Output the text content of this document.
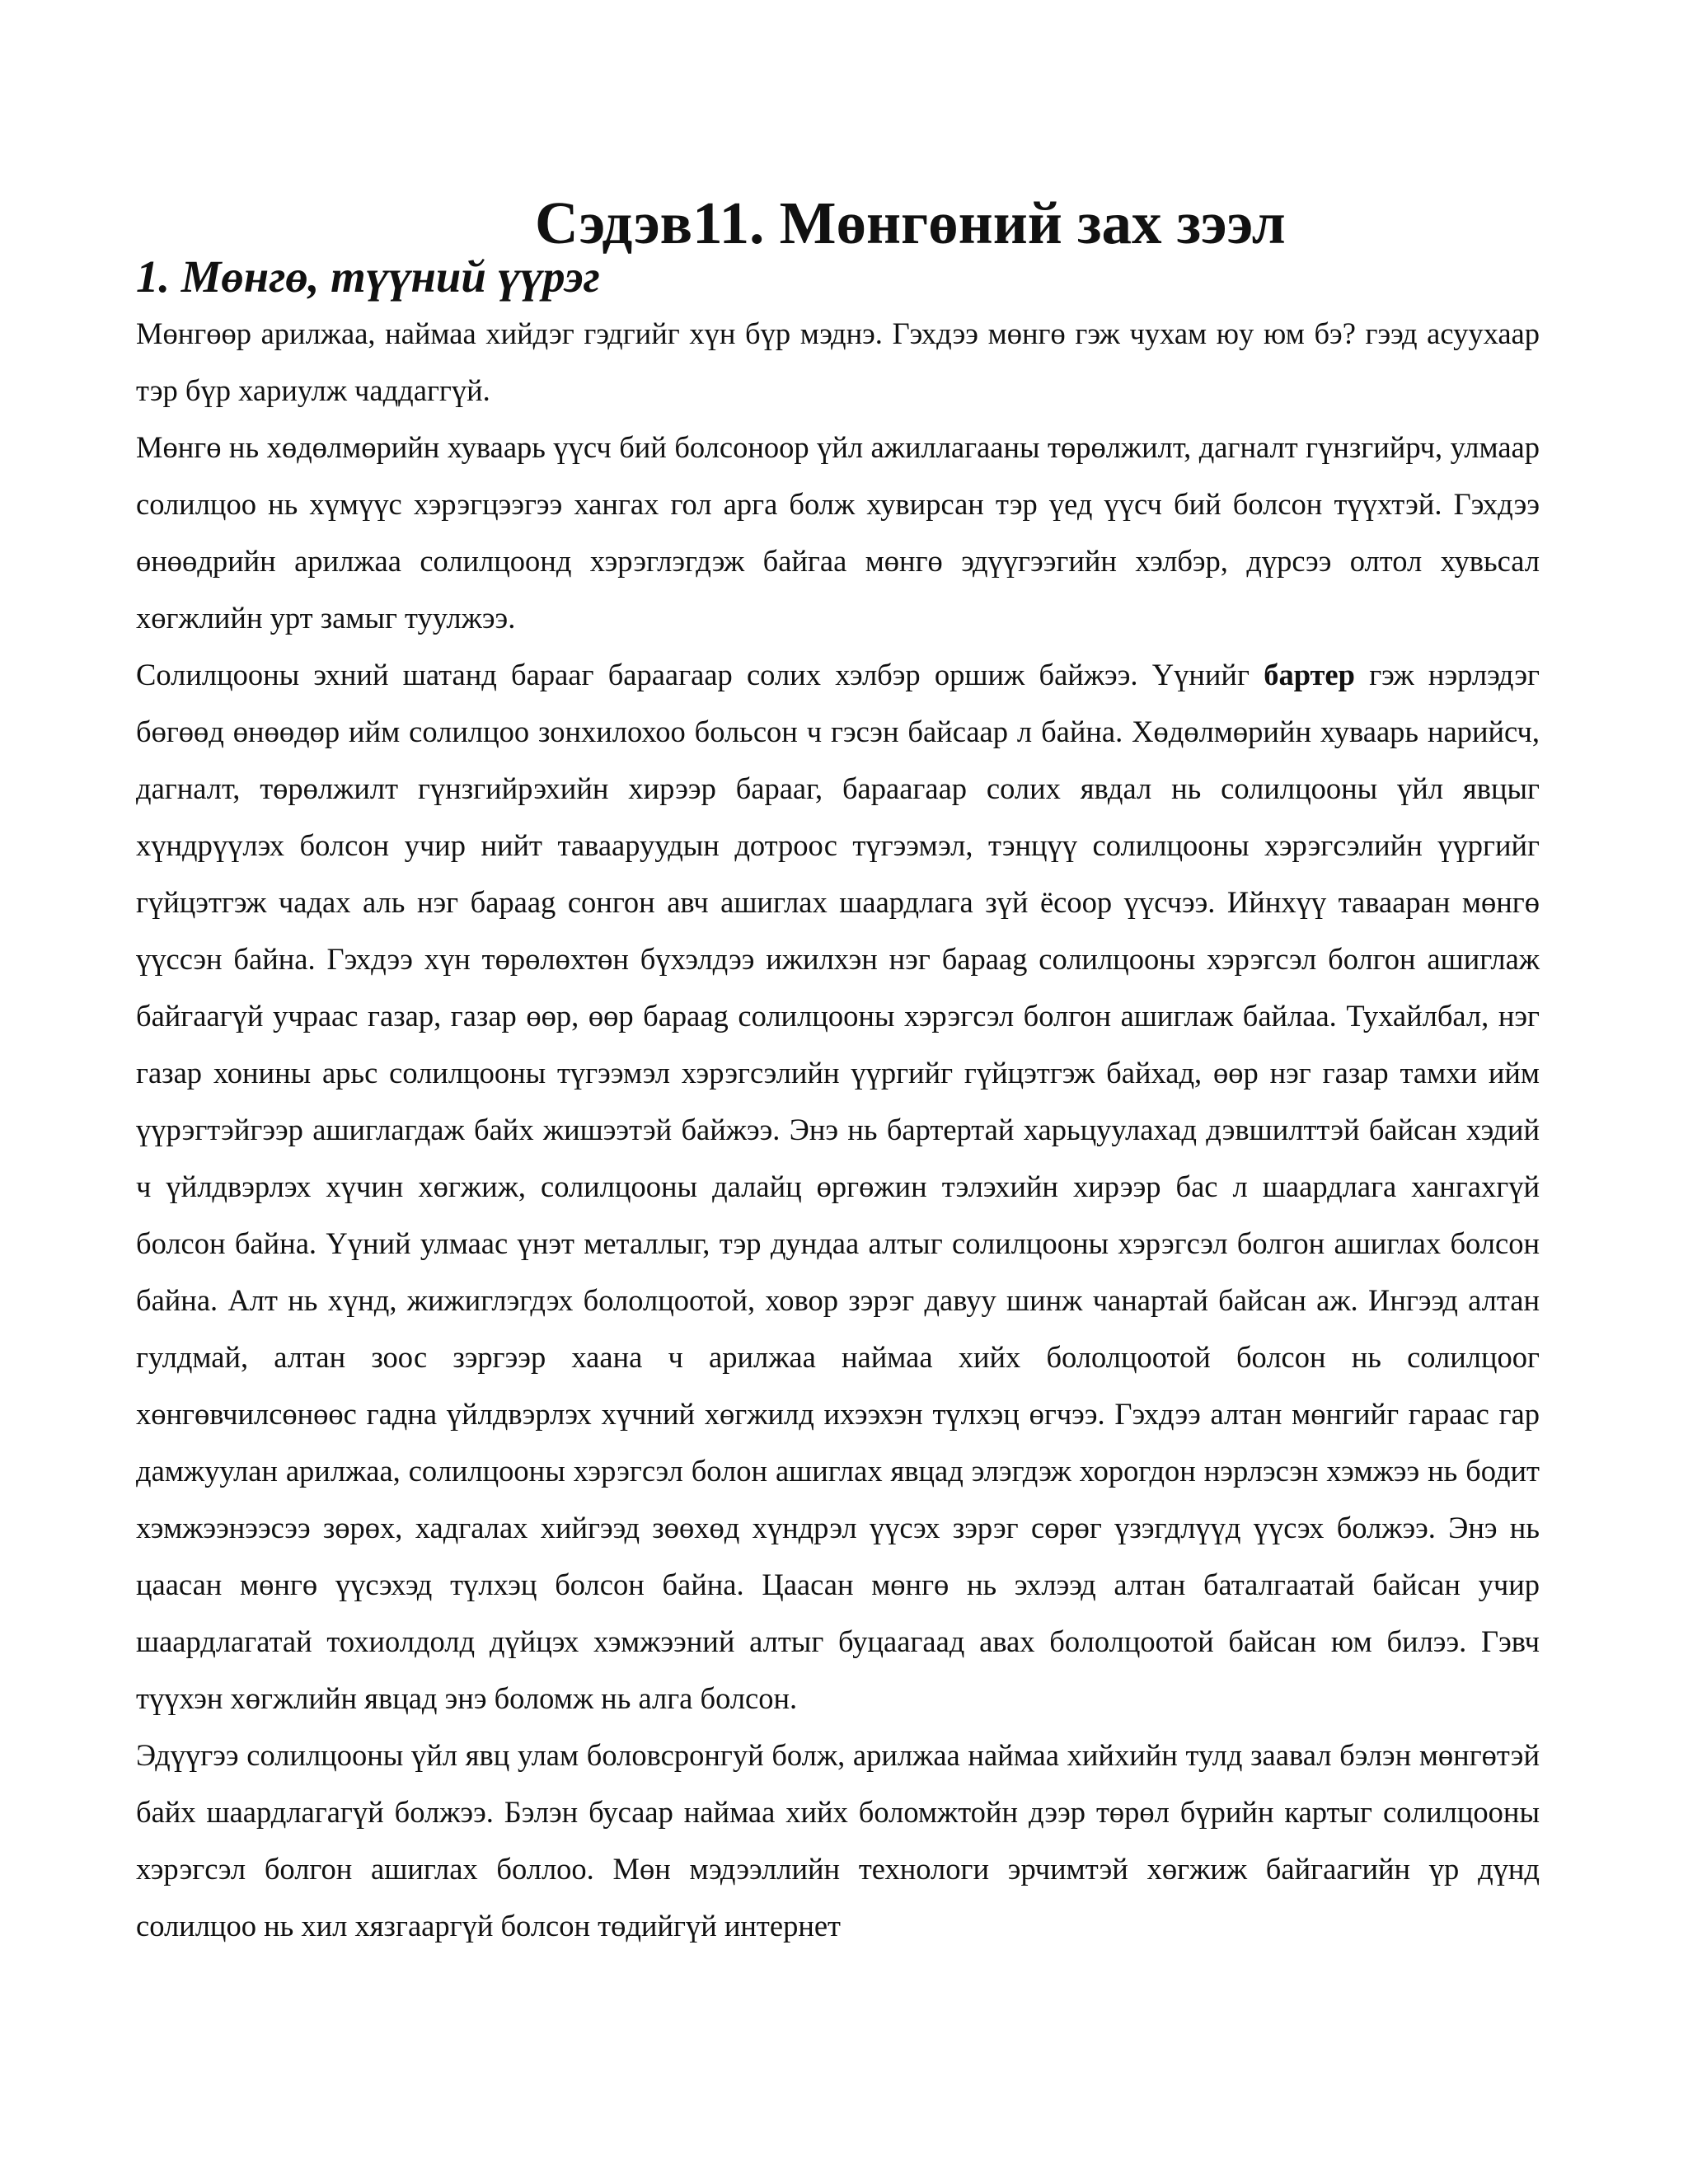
Сэдэв11. Мөнгөний зах зээл
1. Мөнгө, түүний үүрэг

Мөнгөөр арилжаа, наймаа хийдэг гэдгийг хүн бүр мэднэ. Гэхдээ мөнгө гэж чухам юу юм бэ? гээд асуухаар тэр бүр хариулж чаддаггүй.

Мөнгө нь хөдөлмөрийн хуваарь үүсч бий болсоноор үйл ажиллагааны төрөлжилт, дагналт гүнзгийрч, улмаар солилцоо нь хүмүүс хэрэгцээгээ хангах гол арга болж хувирсан тэр үед үүсч бий болсон түүхтэй. Гэхдээ өнөөдрийн арилжаа солилцоонд хэрэглэгдэж байгаа мөнгө эдүүгээгийн хэлбэр, дүрсээ олтол хувьсал хөгжлийн урт замыг туулжээ.

Солилцооны эхний шатанд барааг бараагаар солих хэлбэр оршиж байжээ. Үүнийг бартер гэж нэрлэдэг бөгөөд өнөөдөр ийм солилцоо зонхилохоо больсон ч гэсэн байсаар л байна. Хөдөлмөрийн хуваарь нарийсч, дагналт, төрөлжилт гүнзгийрэхийн хирээр барааг, бараагаар солих явдал нь солилцооны үйл явцыг хүндрүүлэх болсон учир нийт тавааруудын дотроос түгээмэл, тэнцүү солилцооны хэрэгсэлийн үүргийг гүйцэтгэж чадах аль нэг бараag сонгон авч ашиглах шаардлага зүй ёсоор үүсчээ. Ийнхүү таваарaн мөнгө үүссэн байна. Гэхдээ хүн төрөлөхтөн бүхэлдээ ижилхэн нэг бараag солилцооны хэрэгсэл болгон ашиглаж байгаагүй учраас газар, газар өөр, өөр бараag солилцооны хэрэгсэл болгон ашиглаж байлаа. Тухайлбал, нэг газар хонины арьс солилцооны түгээмэл хэрэгсэлийн үүргийг гүйцэтгэж байхад, өөр нэг газар тамхи ийм үүрэгтэйгээр ашиглагдаж байх жишээтэй байжээ. Энэ нь бартертай харьцуулахад дэвшилттэй байсан хэдий ч үйлдвэрлэх хүчин хөгжиж, солилцооны далайц өргөжин тэлэхийн хирээр бас л шаардлага хангахгүй болсон байна. Үүний улмаас үнэт металлыг, тэр дундаа алтыг солилцооны хэрэгсэл болгон ашиглах болсон байна. Алт нь хүнд, жижиглэгдэх бололцоотой, ховор зэрэг давуу шинж чанартай байсан аж. Ингээд алтан гулдмай, алтан зоос зэргээр хаана ч арилжаа наймаа хийх бололцоотой болсон нь солилцоог хөнгөвчилсөнөөс гадна үйлдвэрлэх хүчний хөгжилд ихээхэн түлхэц өгчээ. Гэхдээ алтан мөнгийг гараас гар дамжуулан арилжаа, солилцооны хэрэгсэл болон ашиглах явцад элэгдэж хорогдон нэрлэсэн хэмжээ нь бодит хэмжээнээсээ зөрөх, хадгалах хийгээд зөөхөд хүндрэл үүсэх зэрэг сөрөг үзэгдлүүд үүсэх болжээ. Энэ нь цаасан мөнгө үүсэхэд түлхэц болсон байна. Цаасан мөнгө нь эхлээд алтан баталгаатай байсан учир шаардлагатай тохиолдолд дүйцэх хэмжээний алтыг буцаагаад авах бололцоотой байсан юм билээ. Гэвч түүхэн хөгжлийн явцад энэ боломж нь алга болсон.

Эдүүгээ солилцооны үйл явц улам боловсронгуй болж, арилжаа наймаа хийхийн тулд заавал бэлэн мөнгөтэй байх шаардлагагүй болжээ. Бэлэн бусаар наймаа хийх боломжтойн дээр төрөл бүрийн картыг солилцооны хэрэгсэл болгон ашиглах боллоо. Мөн мэдээллийн технологи эрчимтэй хөгжиж байгаагийн үр дүнд солилцоо нь хил хязгааргүй болсон төдийгүй интернет
